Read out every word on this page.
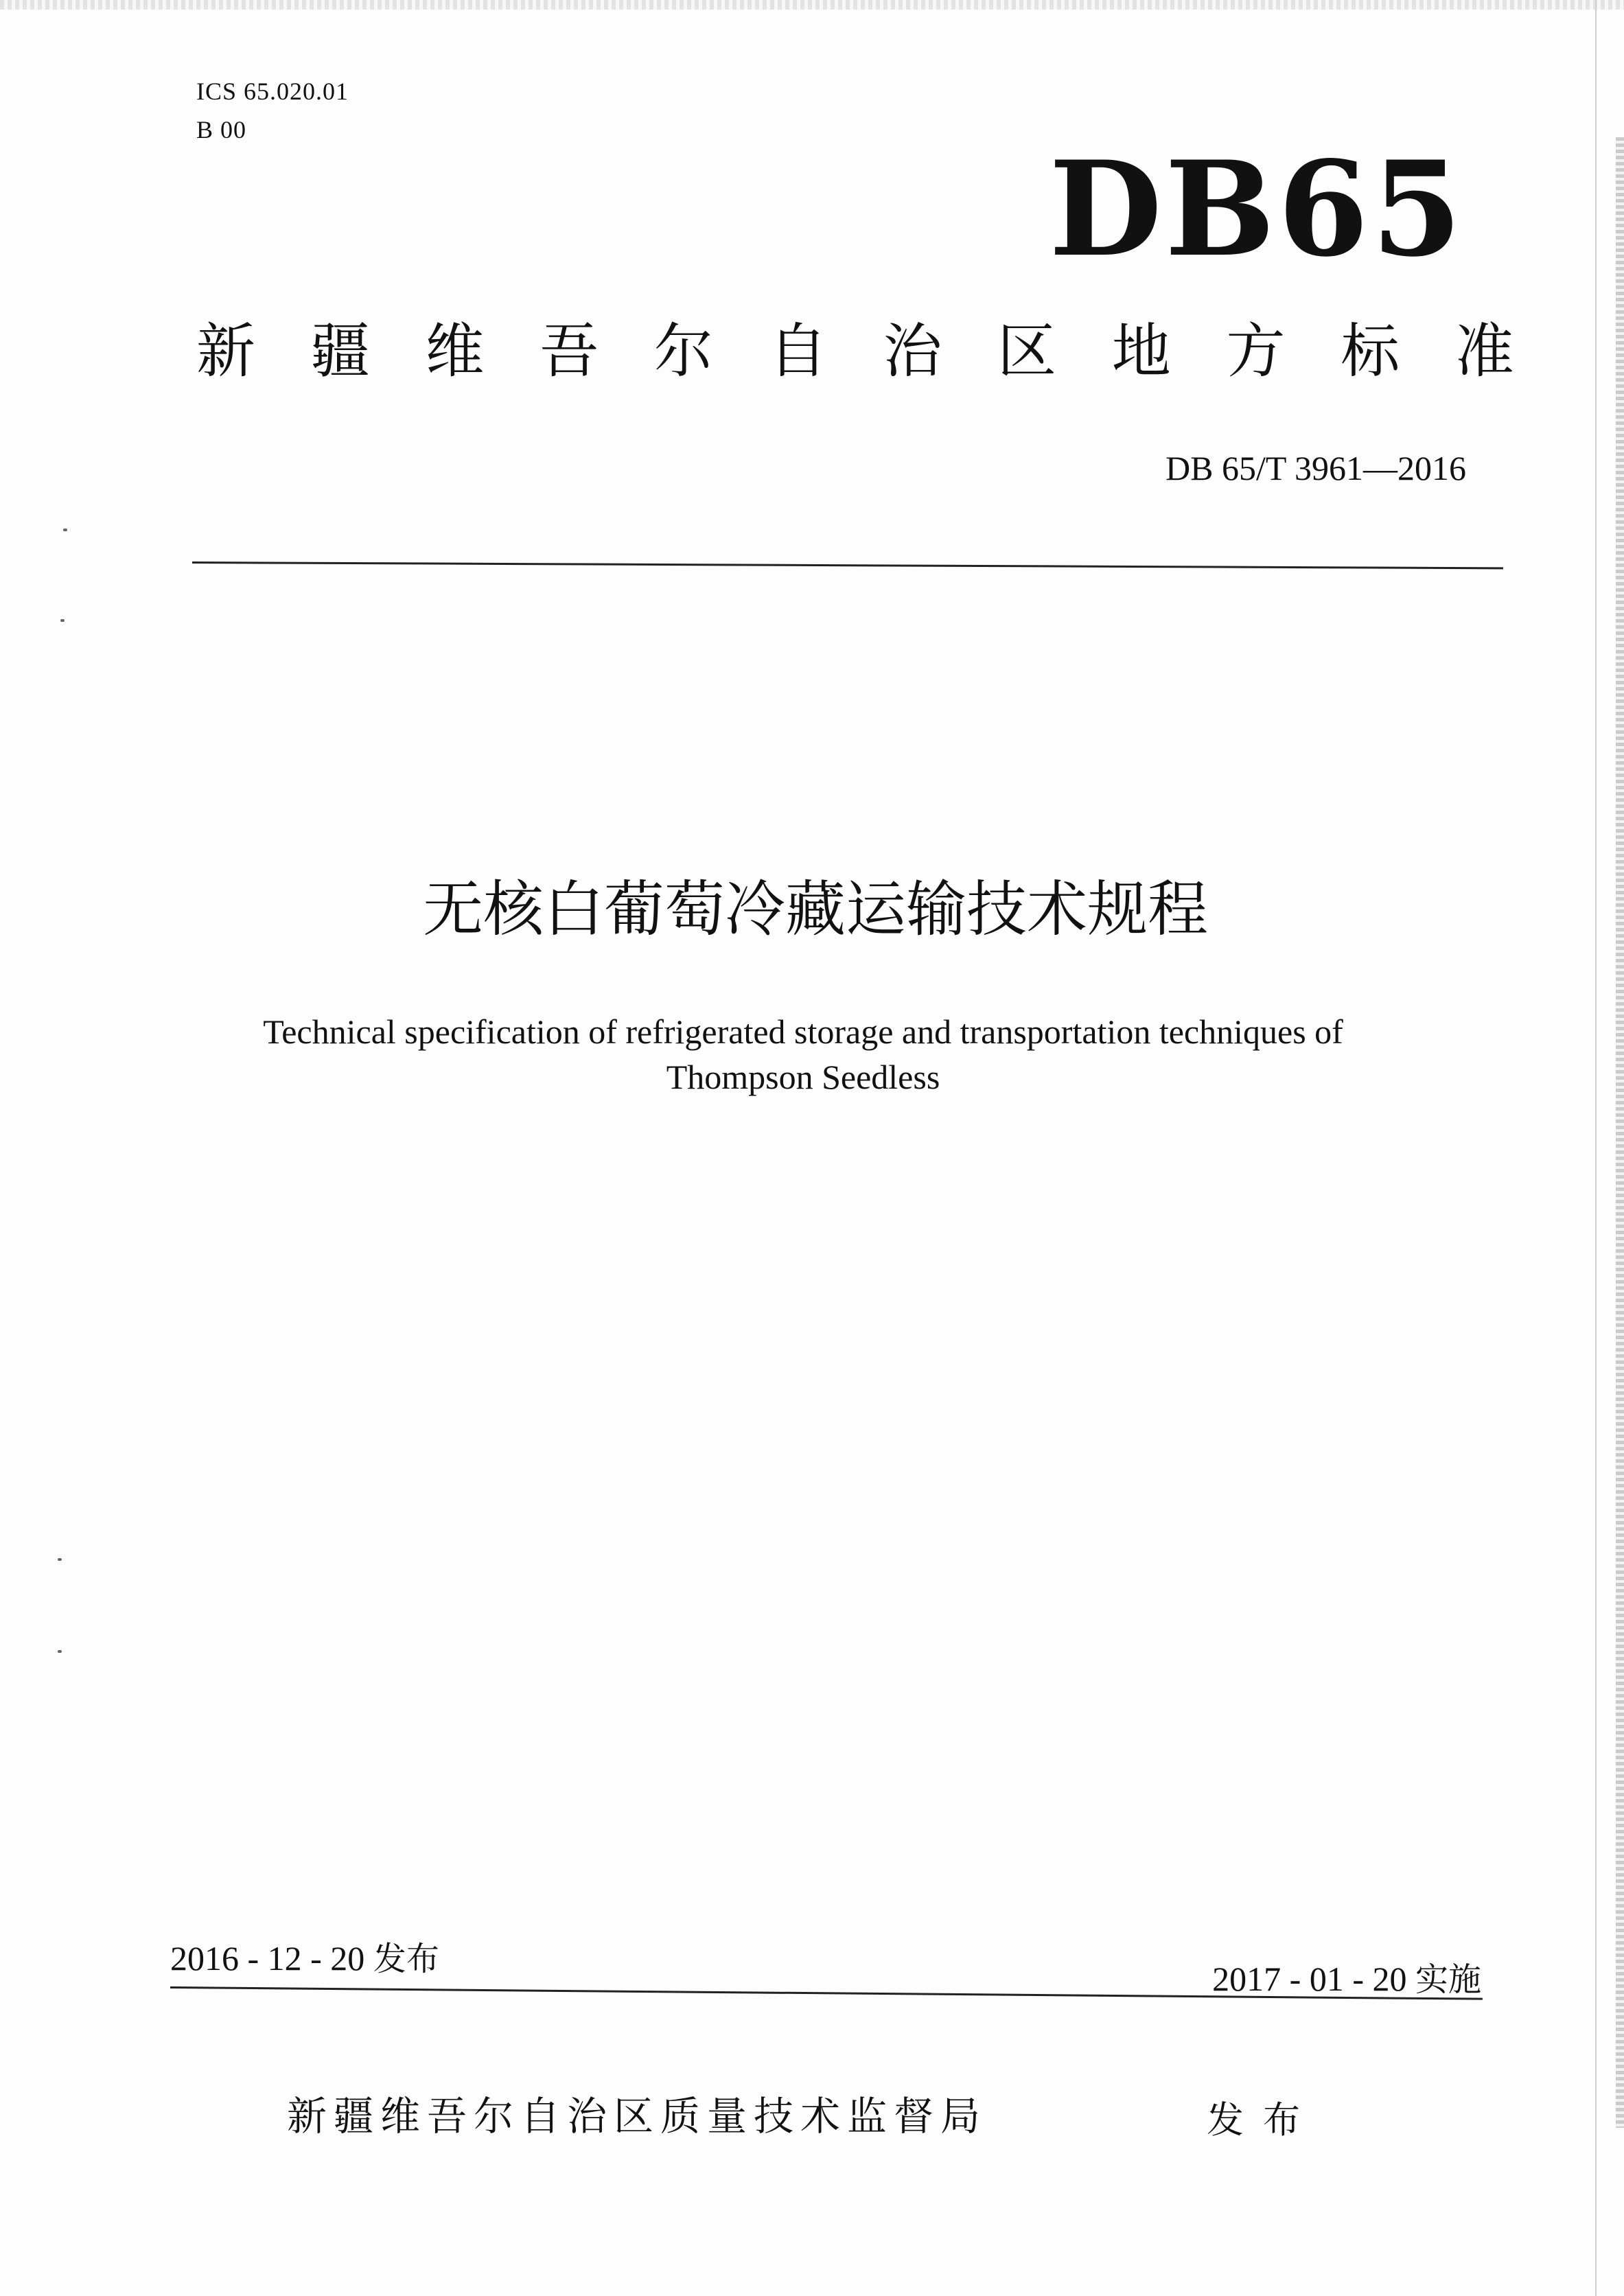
ICS 65.020.01
B 00
DB65
新 疆 维 吾 尔 自 治 区 地 方 标 准
DB 65/T 3961—2016
无核白葡萄冷藏运输技术规程
Technical specification of refrigerated storage and transportation techniques of
Thompson Seedless
2016 - 12 - 20 发布
2017 - 01 - 20 实施
新疆维吾尔自治区质量技术监督局	发布
